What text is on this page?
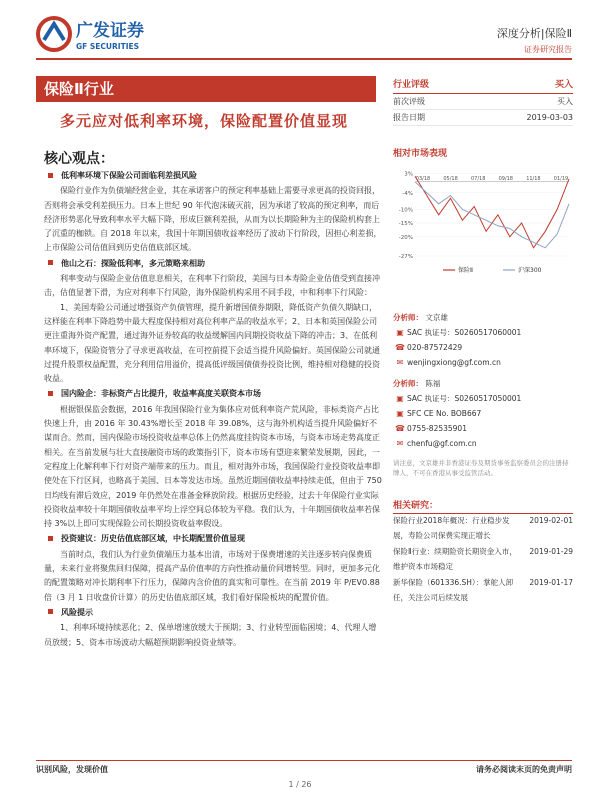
广发证券
GF SECURITIES
深度分析|保险Ⅱ
证券研究报告
保险Ⅱ行业
多元应对低利率环境，保险配置价值显现
核心观点：

低利率环境下保险公司面临利差损风险

保险行业作为负债端经营企业，其在承诺客户的预定利率基础上需要寻求更高的投资回报，否则将会承受利差损压力。日本上世纪 90 年代泡沫破灭前，因为承诺了较高的预定利率，而后经济形势恶化导致利率水平大幅下降，形成巨额利差损，从而为以长期险种为主的保险机构套上了沉重的枷锁。自 2018 年以来，我国十年期国债收益率经历了波动下行阶段，因担心利差损，上市保险公司估值回到历史估值底部区域。

他山之石：探险低利率，多元策略来相助

利率变动与保险企业估值息息相关，在利率下行阶段，美国与日本寿险企业估值受到直接冲击，估值显著下滑，为应对利率下行风险，海外保险机构采用不同手段，中和利率下行风险：

1、美国寿险公司通过增强资产负债管理，提升新增国债券期限，降低资产负债久期缺口，这样能在利率下降趋势中最大程度保持相对高位利率产品的收益水平；2、日本和英国保险公司更注重海外资产配置，通过海外证券较高的收益缓解国内同期投资收益下降的冲击；3、在低利率环境下，保险资管分了寻求更高收益，在可控前提下会适当提升风险偏好。英国保险公司就通过提升股票权益配置，充分利用信用溢价，提高低评级国债债券投资比例，维持相对稳健的投资收益。

国内险企：非标资产占比提升，收益率高度关联资本市场

根据银保监会数据，2016 年我国保险行业为集体应对低利率资产荒风险，非标类资产占比快速上升，由 2016 年 30.43%增长至 2018 年 39.08%，这与海外机构适当提升风险偏好不谋而合。然而，国内保险市场投资收益率总体上仍然高度挂钩资本市场，与资本市场走势高度正相关。在当前发展与壮大直接融资市场的政策指引下，资本市场有望迎来繁荣发展期，因此，一定程度上化解利率下行对资产端带来的压力。而且，相对海外市场，我国保险行业投资收益率即使处在下行区间，也略高于美国、日本等发达市场。虽然近期国债收益率持续走低，但由于 750 日均线有滞后效应，2019 年仍然处在准备金释放阶段。根据历史经验，过去十年保险行业实际投资收益率较十年期国债收益率平均上浮空间总体较为平稳。我们认为，十年期国债收益率若保持 3%以上即可实现保险公司长期投资收益率假设。

投资建议：历史估值底部区域，中长期配置价值显现

当前时点，我们认为行业负债端压力基本出清，市场对于保费增速的关注逐步转向保费质量，未来行业将聚焦回归保障，提高产品价值率的方向性推动量价同增转型。同时，更加多元化的配置策略对冲长期利率下行压力，保障内含价值的真实和可靠性。在当前 2019 年 P/EV0.88 倍（3 月 1 日收盘价计算）的历史估值底部区域，我们看好保险板块的配置价值。

风险提示

1、利率环境持续恶化；2、保单增速放缓大于预期；3、行业转型面临困境；4、代理人增员放缓；5、资本市场波动大幅超预期影响投资业绩等。

行业评级	买入
前次评级	买入
报告日期	2019-03-03
相对市场表现
3%
-4%
-10%
-15%
-20%
-27%
03/18	05/18	07/18	09/18	11/18	01/19
保险Ⅱ	沪深300
分析师： 文京雄
▣ SAC 执证号：S0260517060001
☎ 020-87572429
✉ wenjingxiong@gf.com.cn
分析师： 陈福
▣ SAC 执证号：S0260517050001
▣ SFC CE No. BOB667
☎ 0755-82535901
✉ chenfu@gf.com.cn
请注意，文京雄并非香港证券及期货事务监察委员会的注册持牌人，不可在香港从事受监管活动。
相关研究：
保险行业2018年概况：行业稳步发展，寿险公司保费实现正增长
2019-02-01
保险Ⅱ行业：续期险资长期资金入市，维护资本市场稳定
2019-01-29
新华保险（601336.SH）：掌舵人卸任，关注公司后续发展
2019-01-17
识别风险，发现价值	请务必阅读末页的免责声明
1 / 26
